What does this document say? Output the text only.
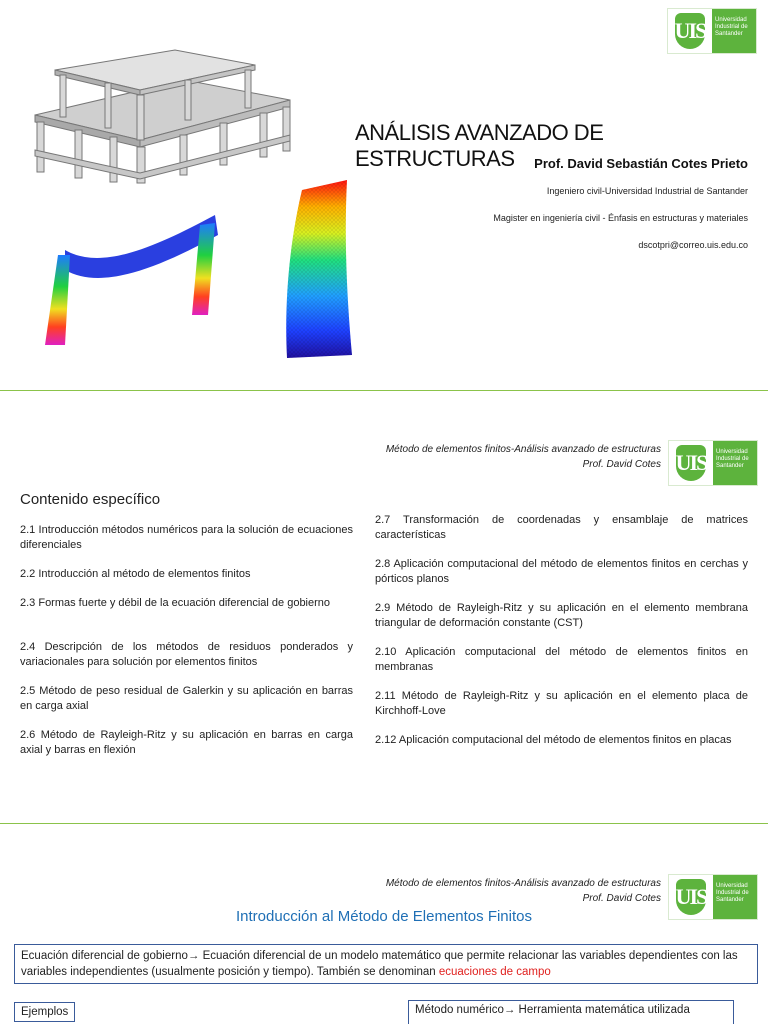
UIS Universidad
Industrial de
Santander
ANÁLISIS AVANZADO DE ESTRUCTURAS	Prof. David Sebastián Cotes Prieto
Ingeniero civil-Universidad Industrial de Santander
Magister en ingeniería civil - Énfasis en estructuras y materiales
dscotpri@correo.uis.edu.co
Método de elementos finitos-Análisis avanzado de estructuras
Prof. David Cotes UIS Universidad
Industrial de
Santander
Contenido específico
2.1 Introducción métodos numéricos para la solución de ecuaciones diferenciales
2.2 Introducción al método de elementos finitos
2.3 Formas fuerte y débil de la ecuación diferencial de gobierno
2.4 Descripción de los métodos de residuos ponderados y variacionales para solución por elementos finitos
2.5 Método de peso residual de Galerkin y su aplicación en barras en carga axial
2.6 Método de Rayleigh-Ritz y su aplicación en barras en carga axial y barras en flexión
2.7 Transformación de coordenadas y ensamblaje de matrices características
2.8 Aplicación computacional del método de elementos finitos en cerchas y pórticos planos
2.9 Método de Rayleigh-Ritz y su aplicación en el elemento membrana triangular de deformación constante (CST)
2.10 Aplicación computacional del método de elementos finitos en membranas
2.11 Método de Rayleigh-Ritz y su aplicación en el elemento placa de Kirchhoff-Love
2.12 Aplicación computacional del método de elementos finitos en placas
Método de elementos finitos-Análisis avanzado de estructuras
Prof. David Cotes UIS Universidad
Industrial de
Santander
Introducción al Método de Elementos Finitos
Ecuación diferencial de gobierno→ Ecuación diferencial de un modelo matemático que permite relacionar las variables dependientes con las variables independientes (usualmente posición y tiempo). También se denominan ecuaciones de campo
Ejemplos	Método numérico→ Herramienta matemática utilizada
